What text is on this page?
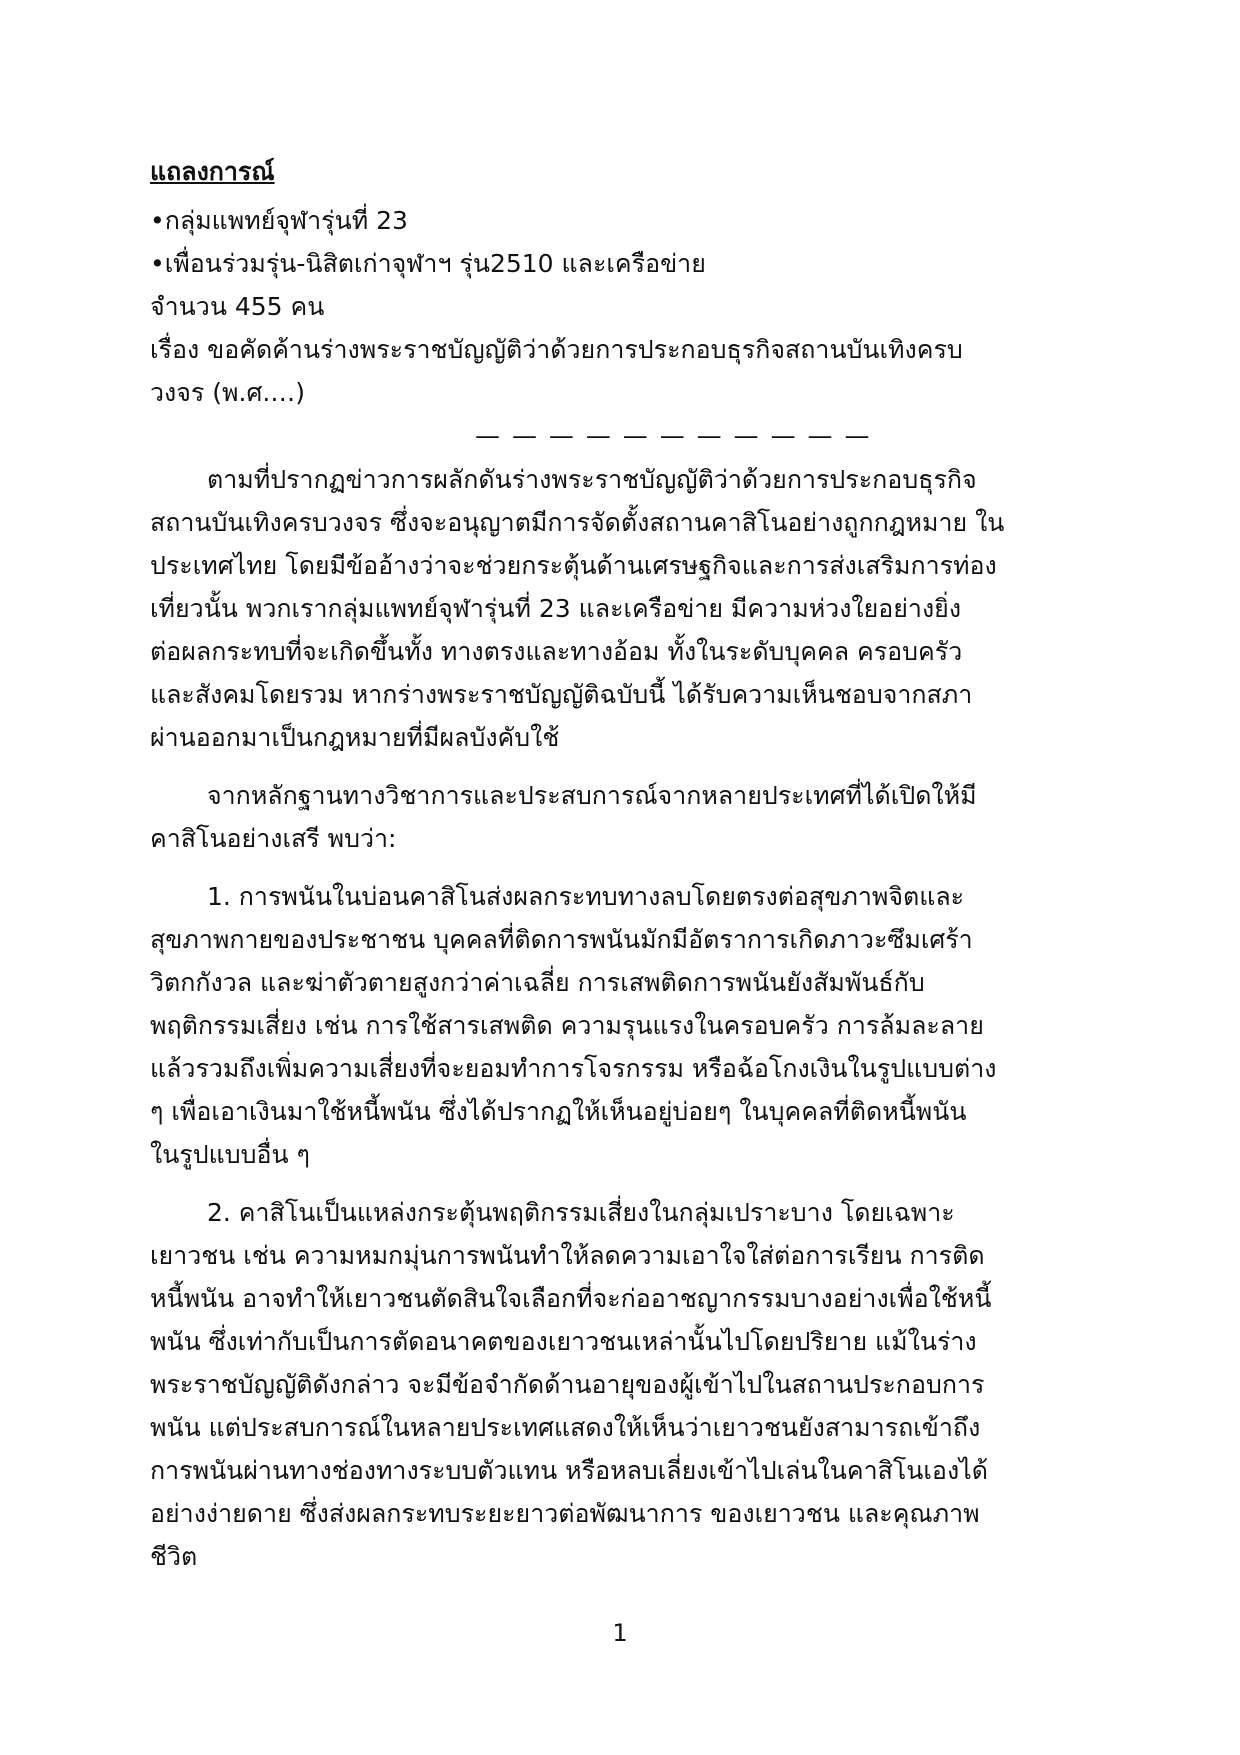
แถลงการณ์
•กลุ่มแพทย์จุฬารุ่นที่ 23
•เพื่อนร่วมรุ่น-นิสิตเก่าจุฬาฯ รุ่น2510 และเครือข่าย
จำนวน 455 คน
เรื่อง ขอคัดค้านร่างพระราชบัญญัติว่าด้วยการประกอบธุรกิจสถานบันเทิงครบ
วงจร (พ.ศ.…)
— — — — — — — — — — —
ตามที่ปรากฏข่าวการผลักดันร่างพระราชบัญญัติว่าด้วยการประกอบธุรกิจ
สถานบันเทิงครบวงจร ซึ่งจะอนุญาตมีการจัดตั้งสถานคาสิโนอย่างถูกกฎหมาย ใน
ประเทศไทย โดยมีข้ออ้างว่าจะช่วยกระตุ้นด้านเศรษฐกิจและการส่งเสริมการท่อง
เที่ยวนั้น พวกเรากลุ่มแพทย์จุฬารุ่นที่ 23 และเครือข่าย มีความห่วงใยอย่างยิ่ง
ต่อผลกระทบที่จะเกิดขึ้นทั้ง ทางตรงและทางอ้อม ทั้งในระดับบุคคล ครอบครัว
และสังคมโดยรวม หากร่างพระราชบัญญัติฉบับนี้ ได้รับความเห็นชอบจากสภา
ผ่านออกมาเป็นกฎหมายที่มีผลบังคับใช้
จากหลักฐานทางวิชาการและประสบการณ์จากหลายประเทศที่ได้เปิดให้มี
คาสิโนอย่างเสรี พบว่า:
1. การพนันในบ่อนคาสิโนส่งผลกระทบทางลบโดยตรงต่อสุขภาพจิตและ
สุขภาพกายของประชาชน บุคคลที่ติดการพนันมักมีอัตราการเกิดภาวะซึมเศร้า
วิตกกังวล และฆ่าตัวตายสูงกว่าค่าเฉลี่ย การเสพติดการพนันยังสัมพันธ์กับ
พฤติกรรมเสี่ยง เช่น การใช้สารเสพติด ความรุนแรงในครอบครัว การล้มละลาย
แล้วรวมถึงเพิ่มความเสี่ยงที่จะยอมทำการโจรกรรม หรือฉ้อโกงเงินในรูปแบบต่าง
ๆ เพื่อเอาเงินมาใช้หนี้พนัน ซึ่งได้ปรากฏให้เห็นอยู่บ่อยๆ ในบุคคลที่ติดหนี้พนัน
ในรูปแบบอื่น ๆ
2. คาสิโนเป็นแหล่งกระตุ้นพฤติกรรมเสี่ยงในกลุ่มเปราะบาง โดยเฉพาะ
เยาวชน เช่น ความหมกมุ่นการพนันทำให้ลดความเอาใจใส่ต่อการเรียน การติด
หนี้พนัน อาจทำให้เยาวชนตัดสินใจเลือกที่จะก่ออาชญากรรมบางอย่างเพื่อใช้หนี้
พนัน ซึ่งเท่ากับเป็นการตัดอนาคตของเยาวชนเหล่านั้นไปโดยปริยาย แม้ในร่าง
พระราชบัญญัติดังกล่าว จะมีข้อจำกัดด้านอายุของผู้เข้าไปในสถานประกอบการ
พนัน แต่ประสบการณ์ในหลายประเทศแสดงให้เห็นว่าเยาวชนยังสามารถเข้าถึง
การพนันผ่านทางช่องทางระบบตัวแทน หรือหลบเลี่ยงเข้าไปเล่นในคาสิโนเองได้
อย่างง่ายดาย ซึ่งส่งผลกระทบระยะยาวต่อพัฒนาการ ของเยาวชน และคุณภาพ
ชีวิต
1
